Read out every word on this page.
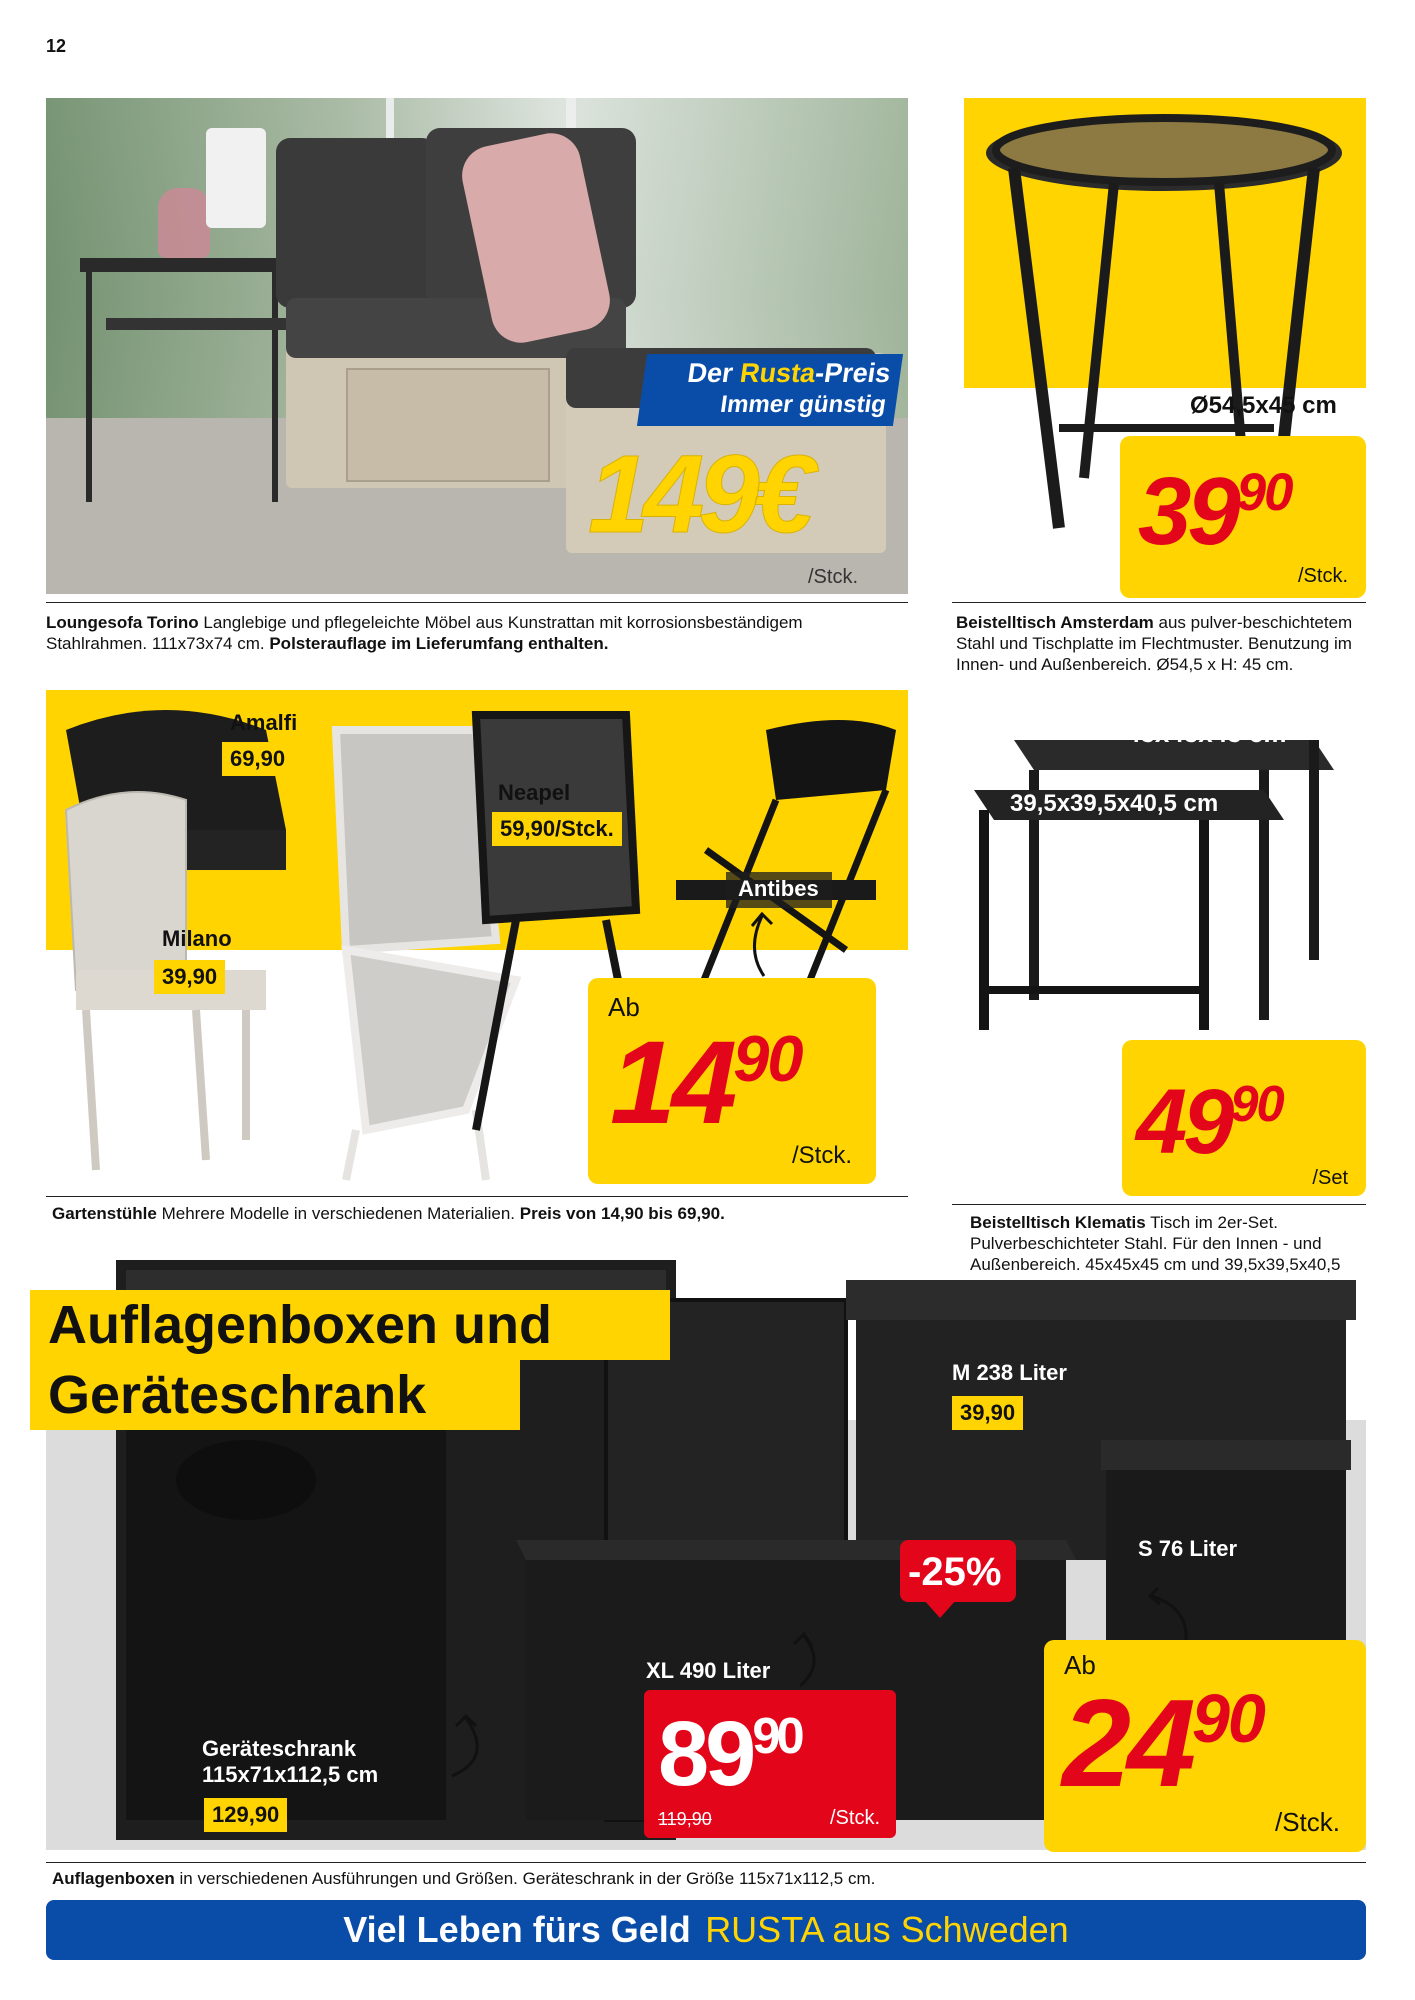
12
Der Rusta-Preis
Immer günstig
149€
/Stck.
Loungesofa Torino Langlebige und pflegeleichte Möbel aus Kunstrattan mit korrosionsbeständigem Stahlrahmen. 111x73x74 cm. Polsterauflage im Lieferumfang enthalten.
Ø54,5x45 cm
$39^{90}$
/Stck.
Beistelltisch Amsterdam aus pulver-beschichtetem Stahl und Tischplatte im Flechtmuster. Benutzung im Innen- und Außenbereich. Ø54,5 x H: 45 cm.
Amalfi
69,90
Neapel
59,90/Stck.
Antibes
Milano
39,90
Ab
$14^{90}$
/Stck.
Gartenstühle Mehrere Modelle in verschiedenen Materialien. Preis von 14,90 bis 69,90.
45x45x45 cm
39,5x39,5x40,5 cm
$49^{90}$
/Set
Beistelltisch Klematis Tisch im 2er-Set. Pulverbeschichteter Stahl. Für den Innen - und Außenbereich. 45x45x45 cm und 39,5x39,5x40,5
Auflagenboxen und
Geräteschrank	M 238 Liter
39,90
S 76 Liter
-25%
XL 490 Liter
$89^{90}$
119,90	/Stck.
Ab
$24^{90}$
/Stck.
Geräteschrank
115x71x112,5 cm
129,90
Auflagenboxen in verschiedenen Ausführungen und Größen. Geräteschrank in der Größe 115x71x112,5 cm.
Viel Leben fürs Geld RUSTA aus Schweden
